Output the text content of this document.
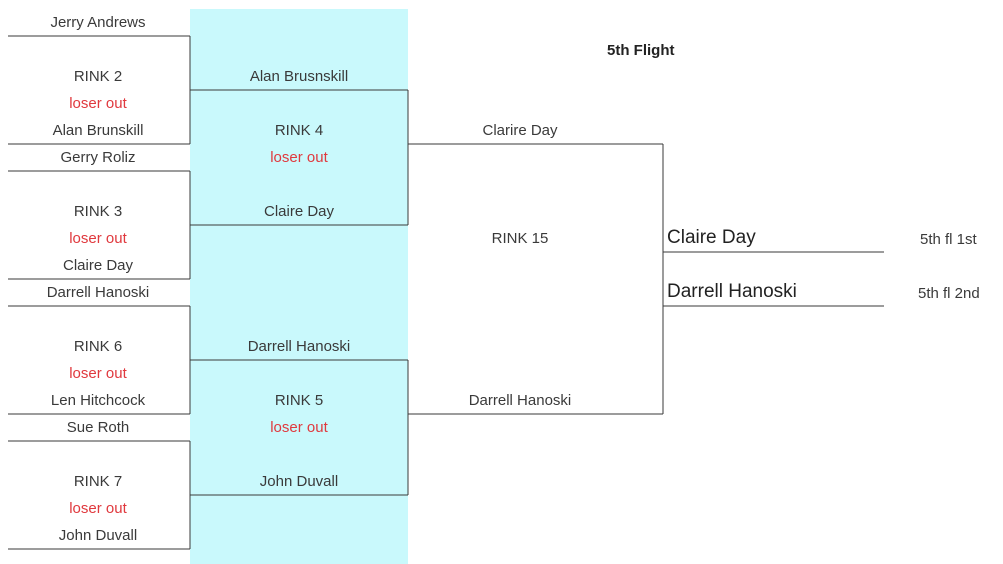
5th Flight
Jerry Andrews
RINK 2
loser out
Alan Brunskill
Gerry Roliz
RINK 3
loser out
Claire Day
Darrell Hanoski
RINK 6
loser out
Len Hitchcock
Sue Roth
RINK 7
loser out
John Duvall
Alan Brusnskill
RINK 4
loser out
Claire Day
Darrell Hanoski
RINK 5
loser out
John Duvall
Clarire Day
RINK 15
Darrell Hanoski
Claire Day	5th fl 1st
Darrell Hanoski	5th fl 2nd
